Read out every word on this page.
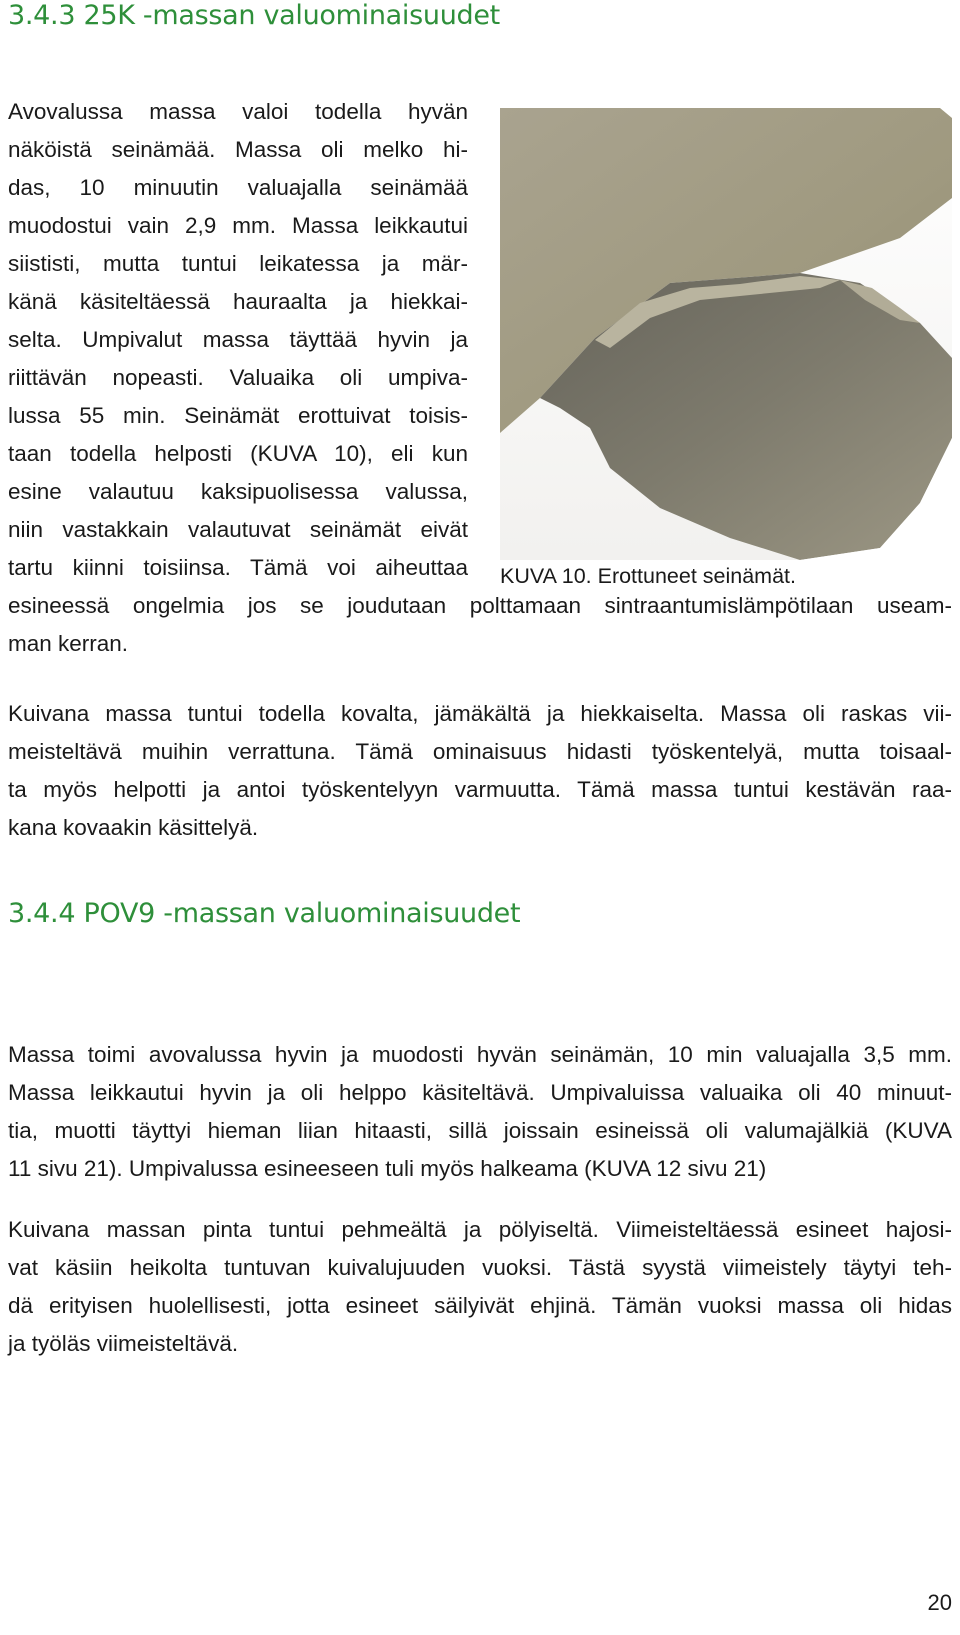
3.4.3 25K -massan valuominaisuudet

Avovalussa massa valoi todella hyvän

näköistä seinämää. Massa oli melko hi-

das, 10 minuutin valuajalla seinämää

muodostui vain 2,9 mm. Massa leikkautui

siististi, mutta tuntui leikatessa ja mär-

känä käsiteltäessä hauraalta ja hiekkai-

selta. Umpivalut massa täyttää hyvin ja

riittävän nopeasti. Valuaika oli umpiva-

lussa 55 min. Seinämät erottuivat toisis-

taan todella helposti (KUVA 10), eli kun

esine valautuu kaksipuolisessa valussa,

niin vastakkain valautuvat seinämät eivät

tartu kiinni toisiinsa. Tämä voi aiheuttaa

esineessä ongelmia jos se joudutaan polttamaan sintraantumislämpötilaan useam-

man kerran.

KUVA 10. Erottuneet seinämät.

Kuivana massa tuntui todella kovalta, jämäkältä ja hiekkaiselta. Massa oli raskas vii-

meisteltävä muihin verrattuna. Tämä ominaisuus hidasti työskentelyä, mutta toisaal-

ta myös helpotti ja antoi työskentelyyn varmuutta. Tämä massa tuntui kestävän raa-

kana kovaakin käsittelyä.

3.4.4 POV9 -massan valuominaisuudet

Massa toimi avovalussa hyvin ja muodosti hyvän seinämän, 10 min valuajalla 3,5 mm.

Massa leikkautui hyvin ja oli helppo käsiteltävä. Umpivaluissa valuaika oli 40 minuut-

tia, muotti täyttyi hieman liian hitaasti, sillä joissain esineissä oli valumajälkiä (KUVA

11 sivu 21). Umpivalussa esineeseen tuli myös halkeama (KUVA 12 sivu 21)

Kuivana massan pinta tuntui pehmeältä ja pölyiseltä. Viimeisteltäessä esineet hajosi-

vat käsiin heikolta tuntuvan kuivalujuuden vuoksi. Tästä syystä viimeistely täytyi teh-

dä erityisen huolellisesti, jotta esineet säilyivät ehjinä. Tämän vuoksi massa oli hidas

ja työläs viimeisteltävä.

20
